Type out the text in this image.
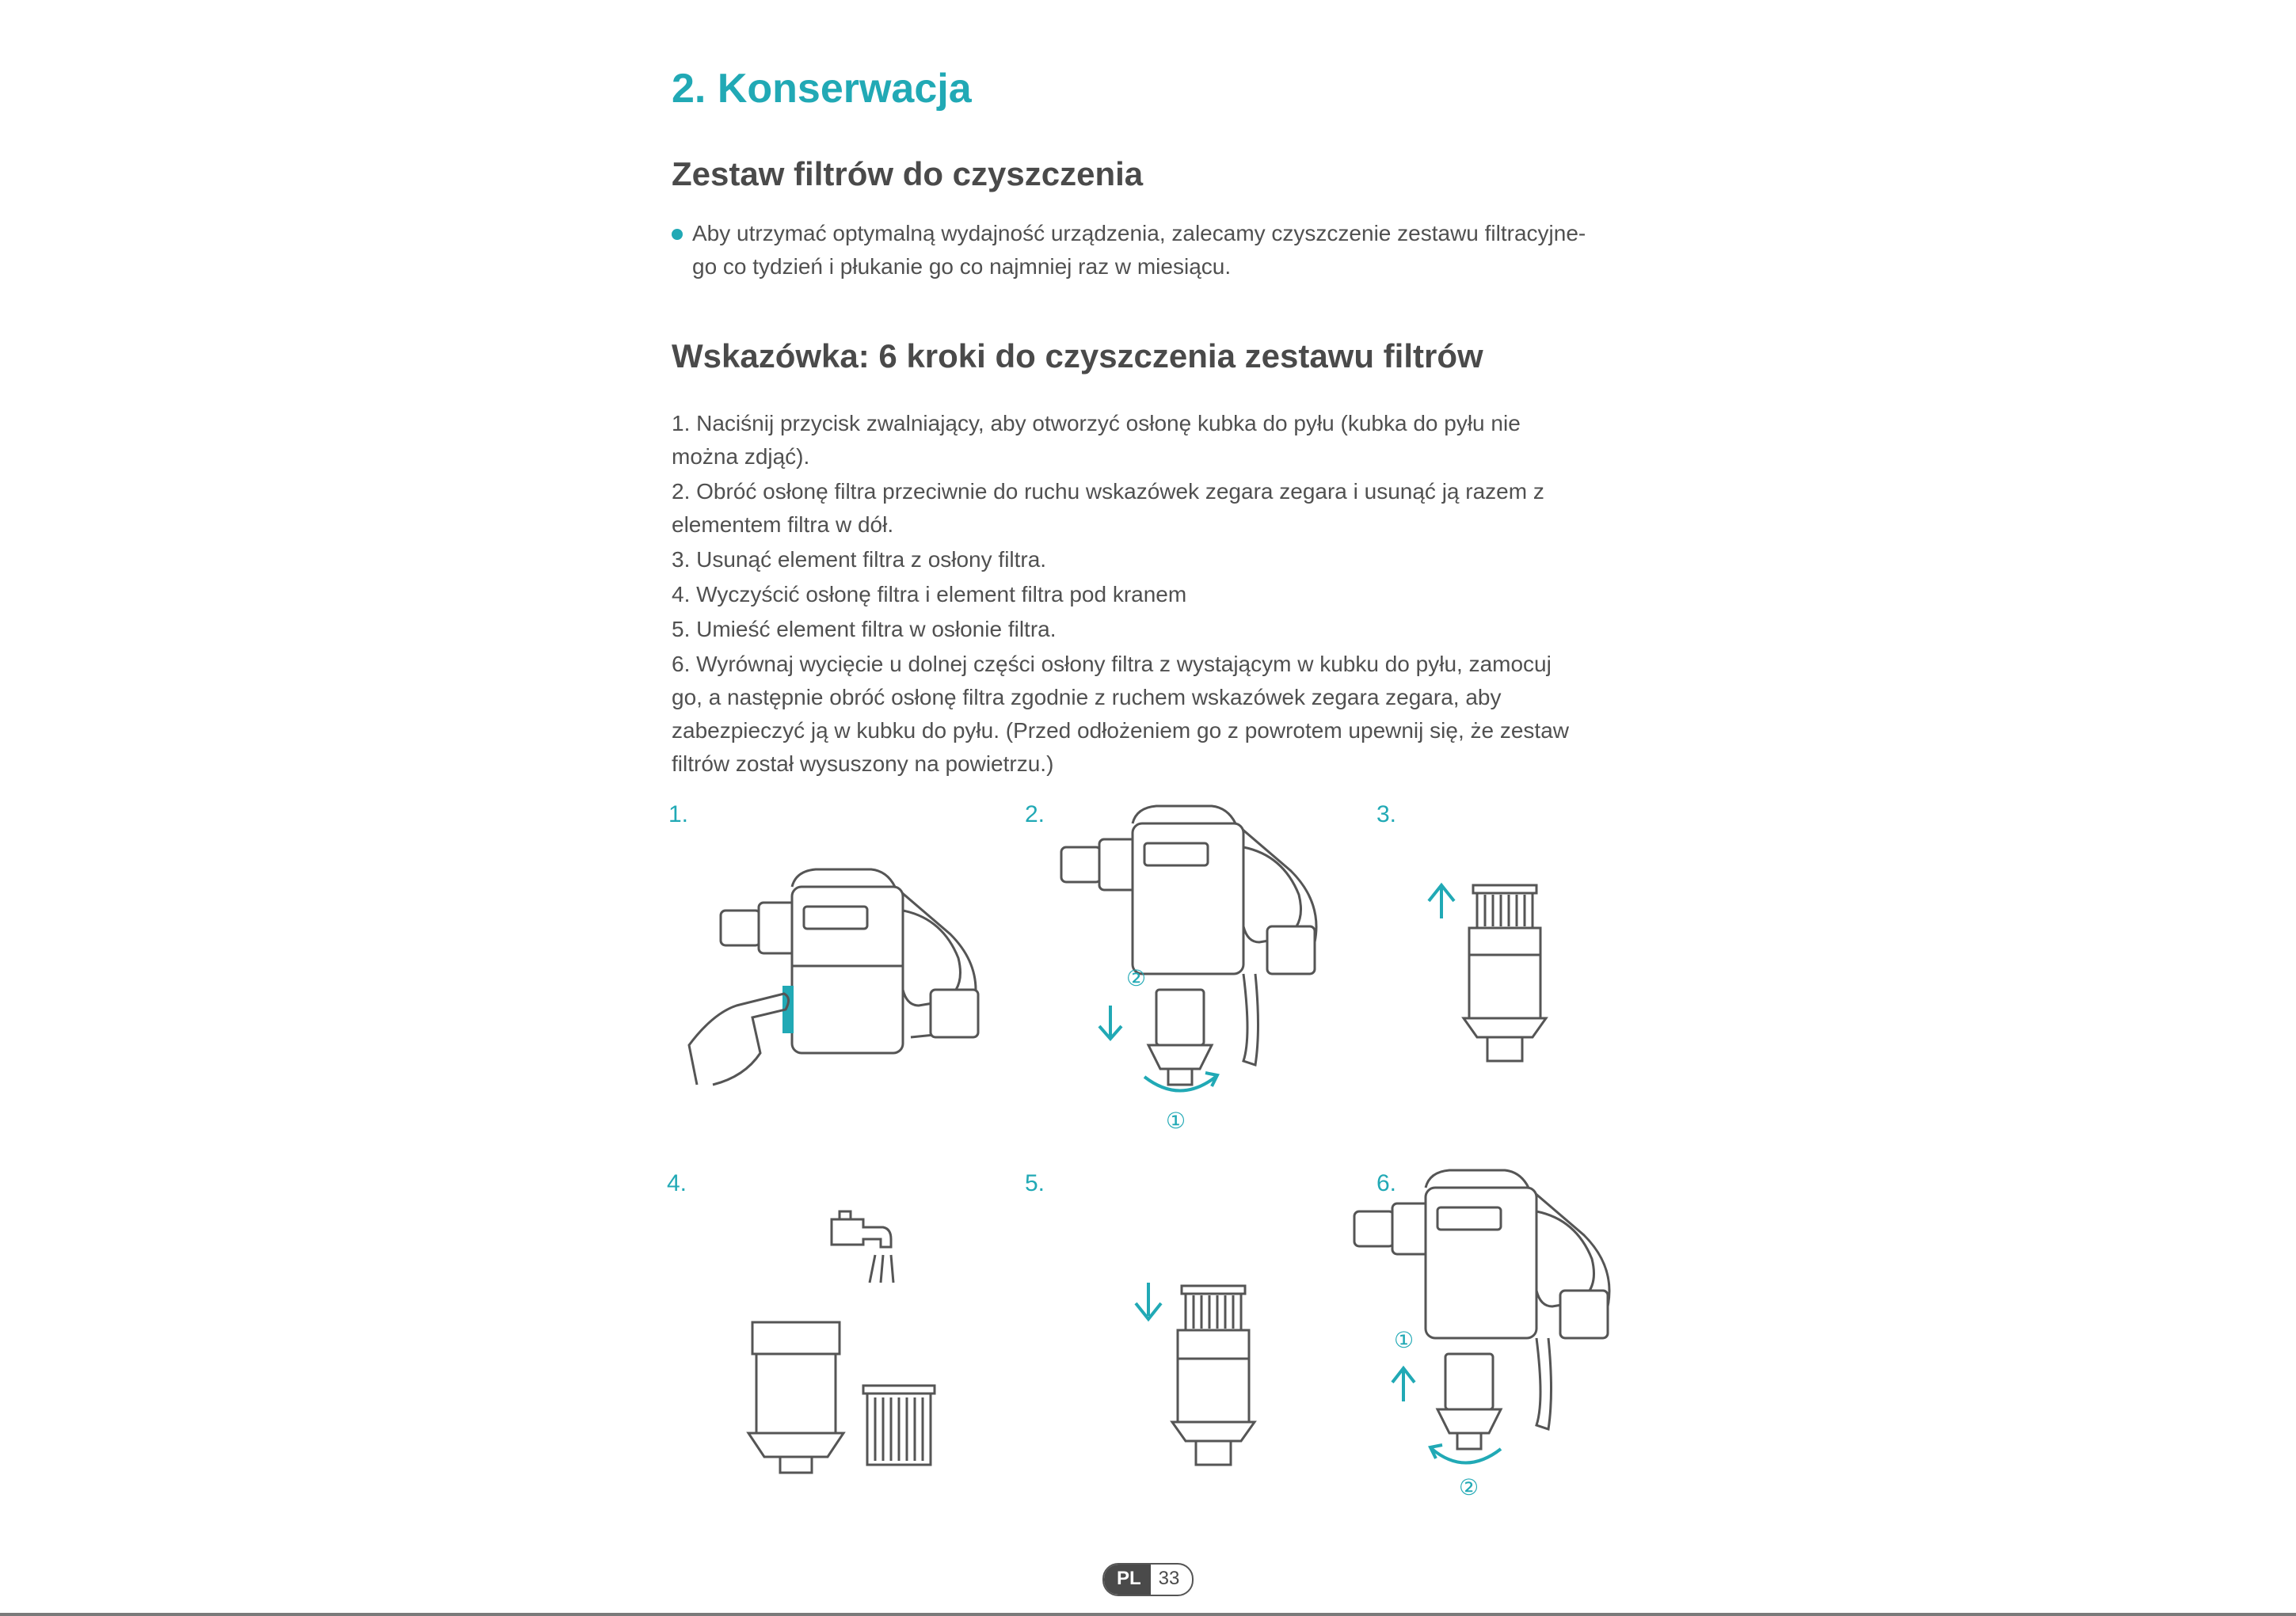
2. Konserwacja
Zestaw filtrów do czyszczenia
Aby utrzymać optymalną wydajność urządzenia, zalecamy czyszczenie zestawu filtracyjne-
go co tydzień i płukanie go co najmniej raz w miesiącu.
Wskazówka: 6 kroki do czyszczenia zestawu filtrów
1. Naciśnij przycisk zwalniający, aby otworzyć osłonę kubka do pyłu (kubka do pyłu nie
można zdjąć).
2. Obróć osłonę filtra przeciwnie do ruchu wskazówek zegara zegara i usunąć ją razem z
elementem filtra w dół.
3. Usunąć element filtra z osłony filtra.
4. Wyczyścić osłonę filtra i element filtra pod kranem
5. Umieść element filtra w osłonie filtra.
6. Wyrównaj wycięcie u dolnej części osłony filtra z wystającym w kubku do pyłu, zamocuj
go, a następnie obróć osłonę filtra zgodnie z ruchem wskazówek zegara zegara, aby
zabezpieczyć ją w kubku do pyłu. (Przed odłożeniem go z powrotem upewnij się, że zestaw
filtrów został wysuszony na powietrzu.)
1.	2.	3.
4.	5.	6.
②
①
①
②
PL 33
